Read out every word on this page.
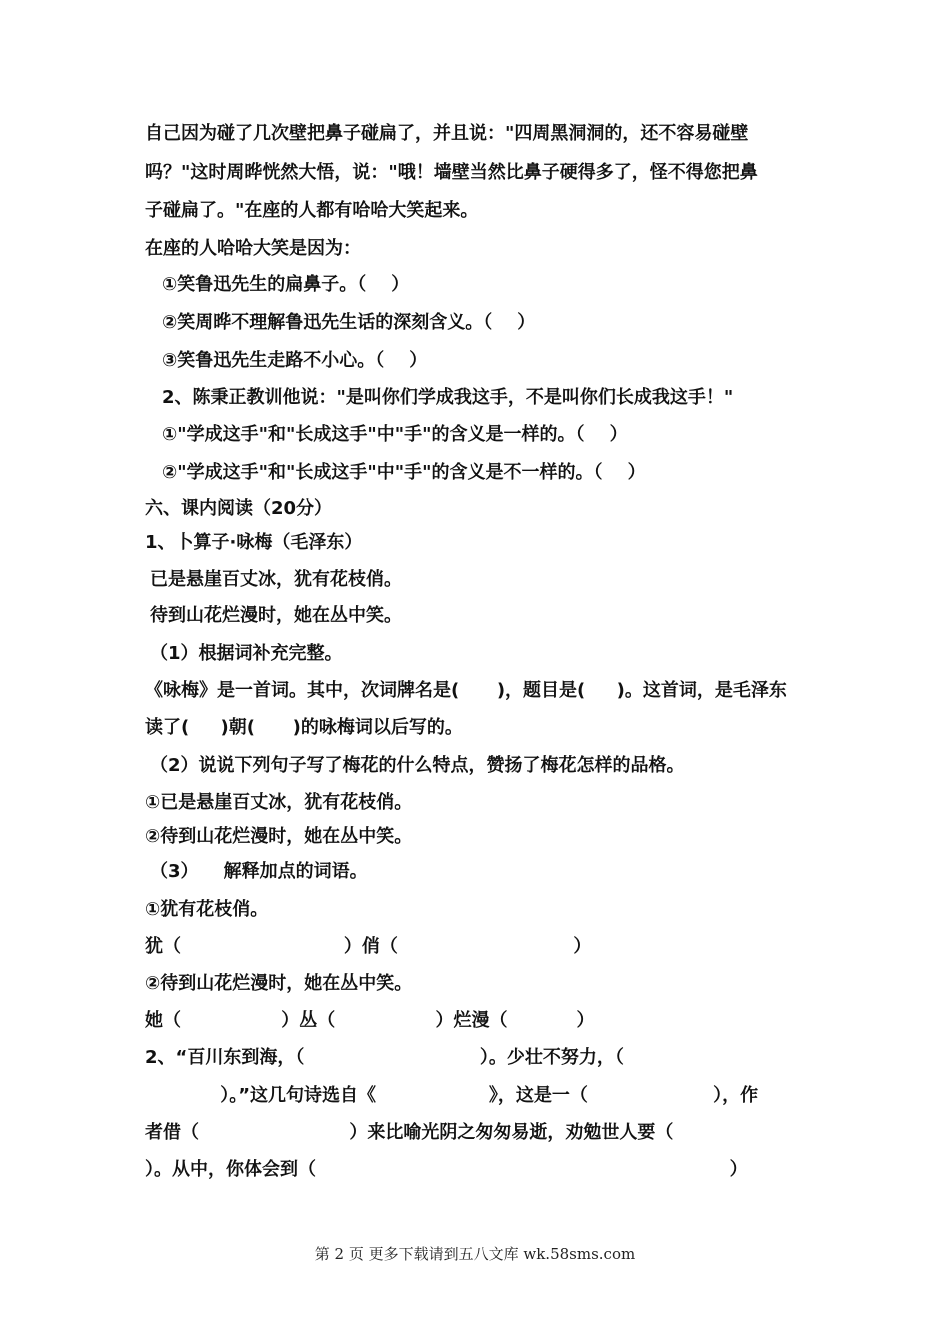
自己因为碰了几次壁把鼻子碰扁了，并且说："四周黑洞洞的，还不容易碰壁
吗？"这时周晔恍然大悟，说："哦！墙壁当然比鼻子硬得多了，怪不得您把鼻
子碰扁了。"在座的人都有哈哈大笑起来。
在座的人哈哈大笑是因为：
①笑鲁迅先生的扁鼻子。（    ）
②笑周晔不理解鲁迅先生话的深刻含义。（    ）
③笑鲁迅先生走路不小心。（    ）
2、陈秉正教训他说："是叫你们学成我这手，不是叫你们长成我这手！"
①"学成这手"和"长成这手"中"手"的含义是一样的。（    ）
②"学成这手"和"长成这手"中"手"的含义是不一样的。（    ）
六、课内阅读（20分）
1、卜算子·咏梅（毛泽东）
已是悬崖百丈冰，犹有花枝俏。
待到山花烂漫时，她在丛中笑。
（1）根据词补充完整。
《咏梅》是一首词。其中，次词牌名是(      )，题目是(     )。这首词，是毛泽东
读了(     )朝(      )的咏梅词以后写的。
（2）说说下列句子写了梅花的什么特点，赞扬了梅花怎样的品格。
①已是悬崖百丈冰，犹有花枝俏。
②待到山花烂漫时，她在丛中笑。
（3）    解释加点的词语。
①犹有花枝俏。
犹（                          ）俏（                            ）
②待到山花烂漫时，她在丛中笑。
她（                ）丛（                ）烂漫（           ）
2、“百川东到海，（                            ）。少壮不努力，（
）。”这几句诗选自《                  》，这是一（                    ），作
者借（                        ）来比喻光阴之匆匆易逝，劝勉世人要（
）。从中，你体会到（                                                                  ）
第 2 页 更多下载请到五八文库 wk.58sms.com
